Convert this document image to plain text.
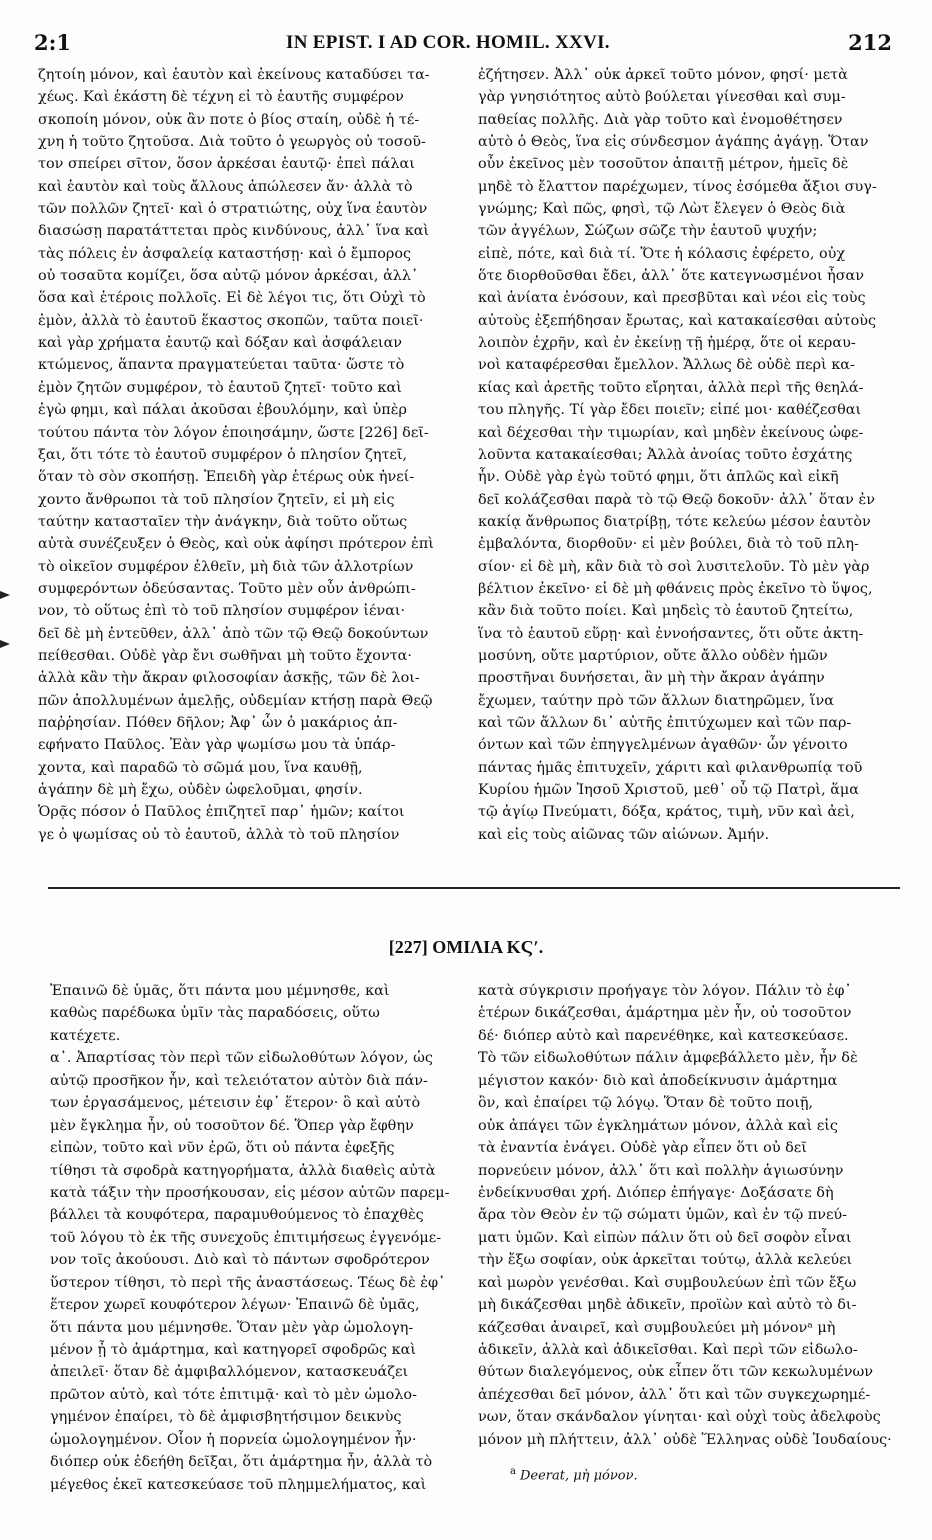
2:1	IN EPIST. I AD COR. HOMIL. XXVI.	212
ζητοίη μόνον, καὶ ἑαυτὸν καὶ ἐκείνους καταδύσει τα-
χέως. Καὶ ἑκάστη δὲ τέχνη εἰ τὸ ἑαυτῆς συμφέρον
σκοποίη μόνον, οὐκ ἂν ποτε ὁ βίος σταίη, οὐδὲ ἡ τέ-
χνη ἡ τοῦτο ζητοῦσα. Διὰ τοῦτο ὁ γεωργὸς οὐ τοσοῦ-
τον σπείρει σῖτον, ὅσον ἀρκέσαι ἑαυτῷ· ἐπεὶ πάλαι
καὶ ἑαυτὸν καὶ τοὺς ἄλλους ἀπώλεσεν ἄν· ἀλλὰ τὸ
τῶν πολλῶν ζητεῖ· καὶ ὁ στρατιώτης, οὐχ ἵνα ἑαυτὸν
διασώσῃ παρατάττεται πρὸς κινδύνους, ἀλλ᾽ ἵνα καὶ
τὰς πόλεις ἐν ἀσφαλείᾳ καταστήσῃ· καὶ ὁ ἔμπορος
οὐ τοσαῦτα κομίζει, ὅσα αὐτῷ μόνον ἀρκέσαι, ἀλλ᾽
ὅσα καὶ ἑτέροις πολλοῖς. Εἰ δὲ λέγοι τις, ὅτι Οὐχὶ τὸ
ἐμὸν, ἀλλὰ τὸ ἑαυτοῦ ἕκαστος σκοπῶν, ταῦτα ποιεῖ·
καὶ γὰρ χρήματα ἑαυτῷ καὶ δόξαν καὶ ἀσφάλειαν
κτώμενος, ἅπαντα πραγματεύεται ταῦτα· ὥστε τὸ
ἐμὸν ζητῶν συμφέρον, τὸ ἑαυτοῦ ζητεῖ· τοῦτο καὶ
ἐγὼ φημι, καὶ πάλαι ἀκοῦσαι ἐβουλόμην, καὶ ὑπὲρ
τούτου πάντα τὸν λόγον ἐποιησάμην, ὥστε [226] δεῖ-
ξαι, ὅτι τότε τὸ ἑαυτοῦ συμφέρον ὁ πλησίον ζητεῖ,
ὅταν τὸ σὸν σκοπήσῃ. Ἐπειδὴ γὰρ ἑτέρως οὐκ ἠνεί-
χοντο ἄνθρωποι τὰ τοῦ πλησίον ζητεῖν, εἰ μὴ εἰς
ταύτην κατασταῖεν τὴν ἀνάγκην, διὰ τοῦτο οὕτως
αὐτὰ συνέζευξεν ὁ Θεὸς, καὶ οὐκ ἀφίησι πρότερον ἐπὶ
τὸ οἰκεῖον συμφέρον ἐλθεῖν, μὴ διὰ τῶν ἀλλοτρίων
συμφερόντων ὁδεύσαντας. Τοῦτο μὲν οὖν ἀνθρώπι-
νον, τὸ οὕτως ἐπὶ τὸ τοῦ πλησίον συμφέρον ἰέναι·
δεῖ δὲ μὴ ἐντεῦθεν, ἀλλ᾽ ἀπὸ τῶν τῷ Θεῷ δοκούντων
πείθεσθαι. Οὐδὲ γὰρ ἔνι σωθῆναι μὴ τοῦτο ἔχοντα·
ἀλλὰ κἂν τὴν ἄκραν φιλοσοφίαν ἀσκῇς, τῶν δὲ λοι-
πῶν ἀπολλυμένων ἀμελῇς, οὐδεμίαν κτήσῃ παρὰ Θεῷ
παῤῥησίαν. Πόθεν δῆλον; Ἀφ᾽ ὧν ὁ μακάριος ἀπ-
εφήνατο Παῦλος. Ἐὰν γὰρ ψωμίσω μου τὰ ὑπάρ-
χοντα, καὶ παραδῶ τὸ σῶμά μου, ἵνα καυθῇ,
ἀγάπην δὲ μὴ ἔχω, οὐδὲν ὠφελοῦμαι, φησίν.
Ὁρᾷς πόσον ὁ Παῦλος ἐπιζητεῖ παρ᾽ ἡμῶν; καίτοι
γε ὁ ψωμίσας οὐ τὸ ἑαυτοῦ, ἀλλὰ τὸ τοῦ πλησίον
ἐζήτησεν. Ἀλλ᾽ οὐκ ἀρκεῖ τοῦτο μόνον, φησί· μετὰ
γὰρ γνησιότητος αὐτὸ βούλεται γίνεσθαι καὶ συμ-
παθείας πολλῆς. Διὰ γὰρ τοῦτο καὶ ἐνομοθέτησεν
αὐτὸ ὁ Θεὸς, ἵνα εἰς σύνδεσμον ἀγάπης ἀγάγῃ. Ὅταν
οὖν ἐκεῖνος μὲν τοσοῦτον ἀπαιτῇ μέτρον, ἡμεῖς δὲ
μηδὲ τὸ ἔλαττον παρέχωμεν, τίνος ἐσόμεθα ἄξιοι συγ-
γνώμης; Καὶ πῶς, φησὶ, τῷ Λὼτ ἔλεγεν ὁ Θεὸς διὰ
τῶν ἀγγέλων, Σώζων σῶζε τὴν ἑαυτοῦ ψυχήν;
εἰπὲ, πότε, καὶ διὰ τί. Ὅτε ἡ κόλασις ἐφέρετο, οὐχ
ὅτε διορθοῦσθαι ἔδει, ἀλλ᾽ ὅτε κατεγνωσμένοι ἦσαν
καὶ ἀνίατα ἐνόσουν, καὶ πρεσβῦται καὶ νέοι εἰς τοὺς
αὐτοὺς ἐξεπήδησαν ἔρωτας, καὶ κατακαίεσθαι αὐτοὺς
λοιπὸν ἐχρῆν, καὶ ἐν ἐκείνῃ τῇ ἡμέρᾳ, ὅτε οἱ κεραυ-
νοὶ καταφέρεσθαι ἔμελλον. Ἄλλως δὲ οὐδὲ περὶ κα-
κίας καὶ ἀρετῆς τοῦτο εἴρηται, ἀλλὰ περὶ τῆς θεηλά-
του πληγῆς. Τί γὰρ ἔδει ποιεῖν; εἰπέ μοι· καθέζεσθαι
καὶ δέχεσθαι τὴν τιμωρίαν, καὶ μηδὲν ἐκείνους ὠφε-
λοῦντα κατακαίεσθαι; Ἀλλὰ ἀνοίας τοῦτο ἐσχάτης
ἦν. Οὐδὲ γὰρ ἐγὼ τοῦτό φημι, ὅτι ἁπλῶς καὶ εἰκῆ
δεῖ κολάζεσθαι παρὰ τὸ τῷ Θεῷ δοκοῦν· ἀλλ᾽ ὅταν ἐν
κακίᾳ ἄνθρωπος διατρίβῃ, τότε κελεύω μέσον ἑαυτὸν
ἐμβαλόντα, διορθοῦν· εἰ μὲν βούλει, διὰ τὸ τοῦ πλη-
σίον· εἰ δὲ μὴ, κἂν διὰ τὸ σοὶ λυσιτελοῦν. Τὸ μὲν γὰρ
βέλτιον ἐκεῖνο· εἰ δὲ μὴ φθάνεις πρὸς ἐκεῖνο τὸ ὕψος,
κἂν διὰ τοῦτο ποίει. Καὶ μηδεὶς τὸ ἑαυτοῦ ζητείτω,
ἵνα τὸ ἑαυτοῦ εὕρῃ· καὶ ἐννοήσαντες, ὅτι οὔτε ἀκτη-
μοσύνη, οὔτε μαρτύριον, οὔτε ἄλλο οὐδὲν ἡμῶν
προστῆναι δυνήσεται, ἂν μὴ τὴν ἄκραν ἀγάπην
ἔχωμεν, ταύτην πρὸ τῶν ἄλλων διατηρῶμεν, ἵνα
καὶ τῶν ἄλλων δι᾽ αὐτῆς ἐπιτύχωμεν καὶ τῶν παρ-
όντων καὶ τῶν ἐπηγγελμένων ἀγαθῶν· ὧν γένοιτο
πάντας ἡμᾶς ἐπιτυχεῖν, χάριτι καὶ φιλανθρωπίᾳ τοῦ
Κυρίου ἡμῶν Ἰησοῦ Χριστοῦ, μεθ᾽ οὗ τῷ Πατρὶ, ἅμα
τῷ ἁγίῳ Πνεύματι, δόξα, κράτος, τιμὴ, νῦν καὶ ἀεὶ,
καὶ εἰς τοὺς αἰῶνας τῶν αἰώνων. Ἀμήν.
[227] ΟΜΙΛΙΑ ΚϚʹ.
Ἐπαινῶ δὲ ὑμᾶς, ὅτι πάντα μου μέμνησθε, καὶ
καθὼς παρέδωκα ὑμῖν τὰς παραδόσεις, οὕτω
κατέχετε.
α᾽. Ἀπαρτίσας τὸν περὶ τῶν εἰδωλοθύτων λόγον, ὡς
αὐτῷ προσῆκον ἦν, καὶ τελειότατον αὐτὸν διὰ πάν-
των ἐργασάμενος, μέτεισιν ἐφ᾽ ἕτερον· ὃ καὶ αὐτὸ
μὲν ἔγκλημα ἦν, οὐ τοσοῦτον δέ. Ὅπερ γὰρ ἔφθην
εἰπὼν, τοῦτο καὶ νῦν ἐρῶ, ὅτι οὐ πάντα ἐφεξῆς
τίθησι τὰ σφοδρὰ κατηγορήματα, ἀλλὰ διαθεὶς αὐτὰ
κατὰ τάξιν τὴν προσήκουσαν, εἰς μέσον αὐτῶν παρεμ-
βάλλει τὰ κουφότερα, παραμυθούμενος τὸ ἐπαχθὲς
τοῦ λόγου τὸ ἐκ τῆς συνεχοῦς ἐπιτιμήσεως ἐγγενόμε-
νον τοῖς ἀκούουσι. Διὸ καὶ τὸ πάντων σφοδρότερον
ὕστερον τίθησι, τὸ περὶ τῆς ἀναστάσεως. Τέως δὲ ἐφ᾽
ἕτερον χωρεῖ κουφότερον λέγων· Ἐπαινῶ δὲ ὑμᾶς,
ὅτι πάντα μου μέμνησθε. Ὅταν μὲν γὰρ ὡμολογη-
μένον ᾖ τὸ ἁμάρτημα, καὶ κατηγορεῖ σφοδρῶς καὶ
ἀπειλεῖ· ὅταν δὲ ἀμφιβαλλόμενον, κατασκευάζει
πρῶτον αὐτὸ, καὶ τότε ἐπιτιμᾷ· καὶ τὸ μὲν ὡμολο-
γημένον ἐπαίρει, τὸ δὲ ἀμφισβητήσιμον δεικνὺς
ὡμολογημένον. Οἷον ἡ πορνεία ὡμολογημένον ἦν·
διόπερ οὐκ ἐδεήθη δεῖξαι, ὅτι ἁμάρτημα ἦν, ἀλλὰ τὸ
μέγεθος ἐκεῖ κατεσκεύασε τοῦ πλημμελήματος, καὶ
κατὰ σύγκρισιν προήγαγε τὸν λόγον. Πάλιν τὸ ἐφ᾽
ἑτέρων δικάζεσθαι, ἁμάρτημα μὲν ἦν, οὐ τοσοῦτον
δέ· διόπερ αὐτὸ καὶ παρενέθηκε, καὶ κατεσκεύασε.
Τὸ τῶν εἰδωλοθύτων πάλιν ἀμφεβάλλετο μὲν, ἦν δὲ
μέγιστον κακόν· διὸ καὶ ἀποδείκνυσιν ἁμάρτημα
ὂν, καὶ ἐπαίρει τῷ λόγῳ. Ὅταν δὲ τοῦτο ποιῇ,
οὐκ ἀπάγει τῶν ἐγκλημάτων μόνον, ἀλλὰ καὶ εἰς
τὰ ἐναντία ἐνάγει. Οὐδὲ γὰρ εἶπεν ὅτι οὐ δεῖ
πορνεύειν μόνον, ἀλλ᾽ ὅτι καὶ πολλὴν ἁγιωσύνην
ἐνδείκνυσθαι χρή. Διόπερ ἐπήγαγε· Δοξάσατε δὴ
ἄρα τὸν Θεὸν ἐν τῷ σώματι ὑμῶν, καὶ ἐν τῷ πνεύ-
ματι ὑμῶν. Καὶ εἰπὼν πάλιν ὅτι οὐ δεῖ σοφὸν εἶναι
τὴν ἔξω σοφίαν, οὐκ ἀρκεῖται τούτῳ, ἀλλὰ κελεύει
καὶ μωρὸν γενέσθαι. Καὶ συμβουλεύων ἐπὶ τῶν ἔξω
μὴ δικάζεσθαι μηδὲ ἀδικεῖν, προϊὼν καὶ αὐτὸ τὸ δι-
κάζεσθαι ἀναιρεῖ, καὶ συμβουλεύει μὴ μόνονᵃ μὴ
ἀδικεῖν, ἀλλὰ καὶ ἀδικεῖσθαι. Καὶ περὶ τῶν εἰδωλο-
θύτων διαλεγόμενος, οὐκ εἶπεν ὅτι τῶν κεκωλυμένων
ἀπέχεσθαι δεῖ μόνον, ἀλλ᾽ ὅτι καὶ τῶν συγκεχωρημέ-
νων, ὅταν σκάνδαλον γίνηται· καὶ οὐχὶ τοὺς ἀδελφοὺς
μόνον μὴ πλήττειν, ἀλλ᾽ οὐδὲ Ἕλληνας οὐδὲ Ἰουδαίους·
$^a$ Deerat, μὴ μόνον.
